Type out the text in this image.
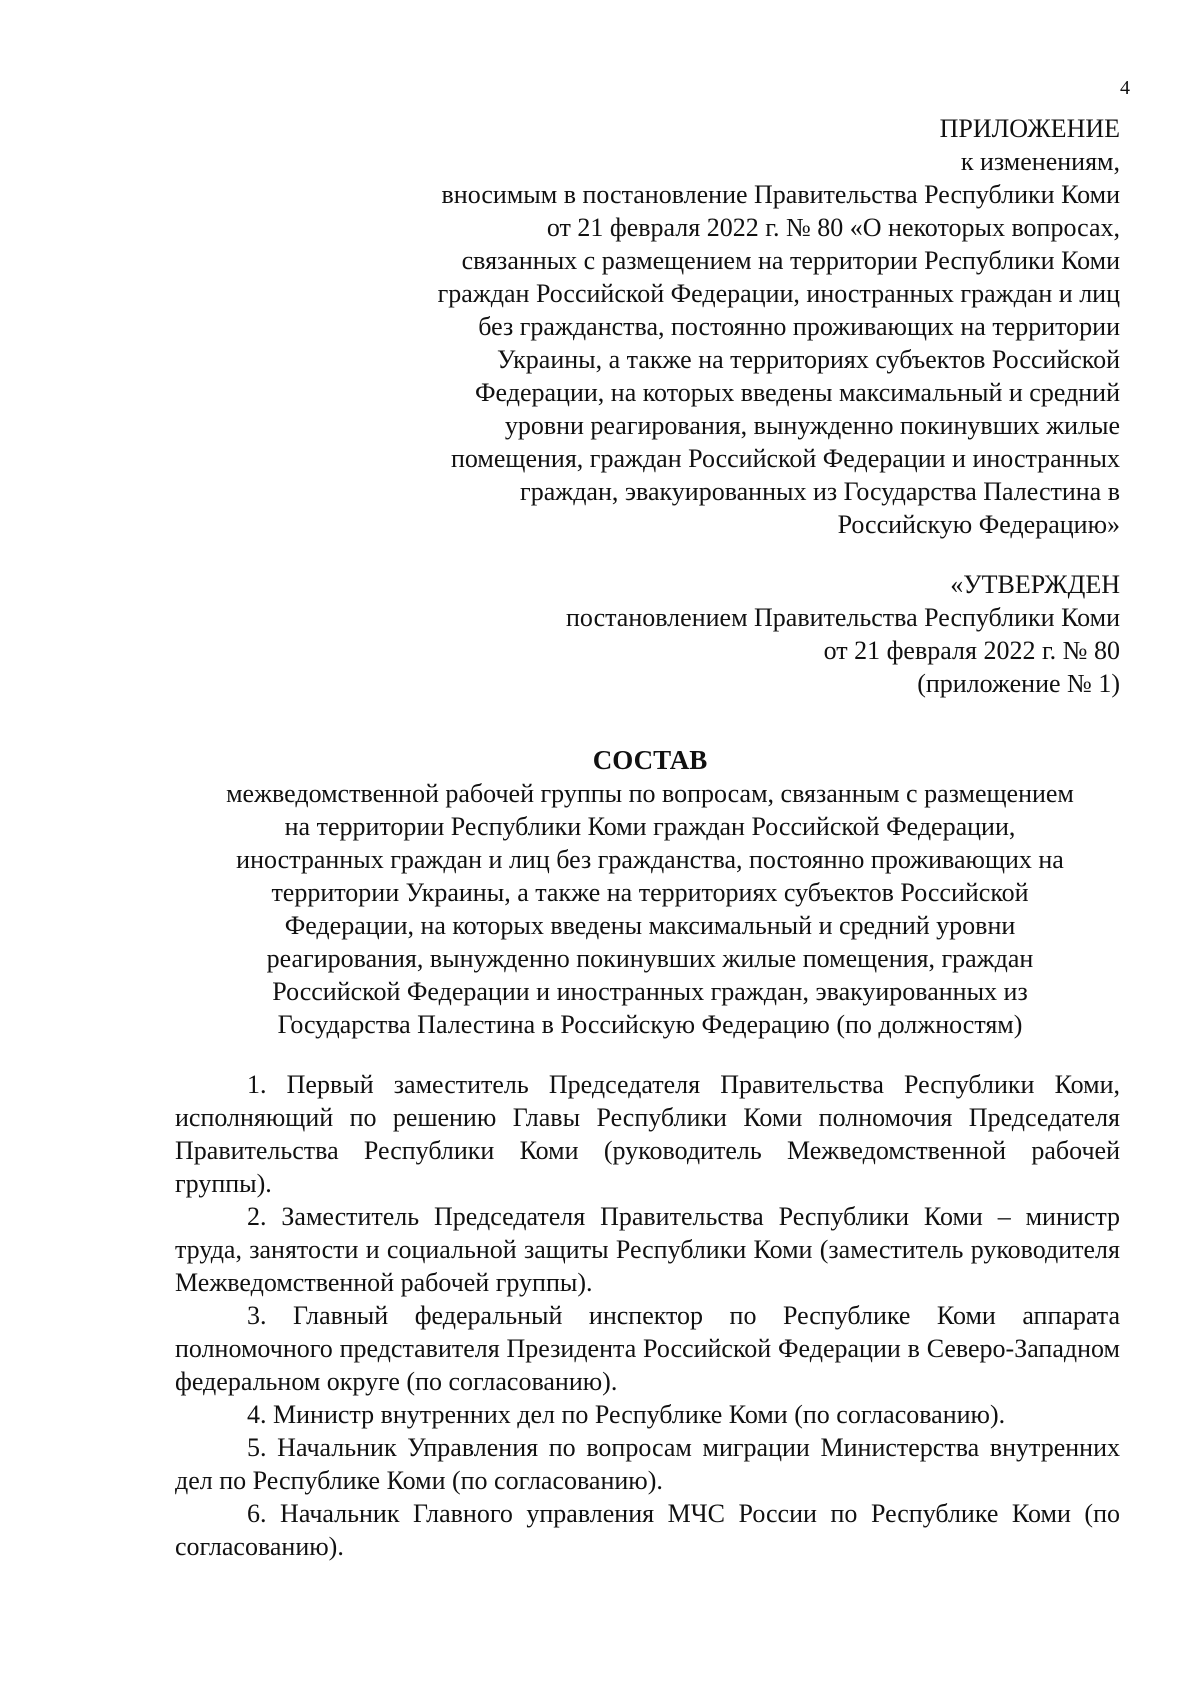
4
ПРИЛОЖЕНИЕ
к изменениям,
вносимым в постановление Правительства Республики Коми
от 21 февраля 2022 г. № 80 «О некоторых вопросах,
связанных с размещением на территории Республики Коми
граждан Российской Федерации, иностранных граждан и лиц
без гражданства, постоянно проживающих на территории
Украины, а также на территориях субъектов Российской
Федерации, на которых введены максимальный и средний
уровни реагирования, вынужденно покинувших жилые
помещения, граждан Российской Федерации и иностранных
граждан, эвакуированных из Государства Палестина в
Российскую Федерацию»
«УТВЕРЖДЕН
постановлением Правительства Республики Коми
от 21 февраля 2022 г. № 80
(приложение № 1)
СОСТАВ
межведомственной рабочей группы по вопросам, связанным с размещением
на территории Республики Коми граждан Российской Федерации,
иностранных граждан и лиц без гражданства, постоянно проживающих на
территории Украины, а также на территориях субъектов Российской
Федерации, на которых введены максимальный и средний уровни
реагирования, вынужденно покинувших жилые помещения, граждан
Российской Федерации и иностранных граждан, эвакуированных из
Государства Палестина в Российскую Федерацию (по должностям)

1. Первый заместитель Председателя Правительства Республики Коми, исполняющий по решению Главы Республики Коми полномочия Председателя Правительства Республики Коми (руководитель Межведомственной рабочей группы).

2. Заместитель Председателя Правительства Республики Коми – министр труда, занятости и социальной защиты Республики Коми (заместитель руководителя Межведомственной рабочей группы).

3. Главный федеральный инспектор по Республике Коми аппарата полномочного представителя Президента Российской Федерации в Северо-Западном федеральном округе (по согласованию).

4. Министр внутренних дел по Республике Коми (по согласованию).

5. Начальник Управления по вопросам миграции Министерства внутренних дел по Республике Коми (по согласованию).

6. Начальник Главного управления МЧС России по Республике Коми (по согласованию).
